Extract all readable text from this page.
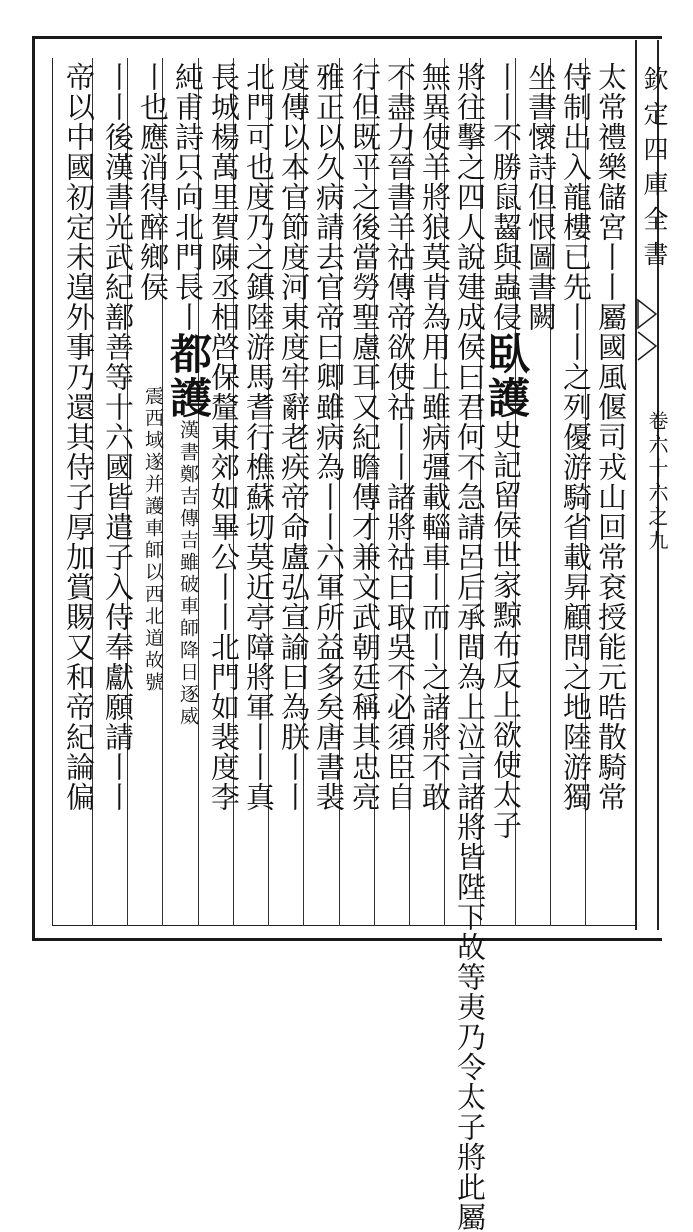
欽定四庫全書
卷六十六之九
太常禮樂儲宮丨丨屬國風偃司戎山回常袞授能元晧散騎常
侍制出入龍樓已先丨丨之列優游騎省載昇顧問之地陸游獨
坐書懷詩但恨圖書闕
丨丨不勝鼠齧與蟲侵臥護史記留侯世家黥布反上欲使太子
將往擊之四人說建成侯曰君何不急請呂后承間為上泣言諸將皆陛下故等夷乃令太子將此屬
無異使羊將狼莫肯為用上雖病彊載輜車丨而丨之諸將不敢
不盡力晉書羊祜傳帝欲使祜丨丨諸將祜曰取吳不必須臣自
行但既平之後當勞聖慮耳又紀瞻傳才兼文武朝廷稱其忠亮
雅正以久病請去官帝曰卿雖病為丨丨六軍所益多矣唐書裴
度傳以本官節度河東度牢辭老疾帝命盧弘宣諭曰為朕丨丨
北門可也度乃之鎮陸游馬耆行樵蘇切莫近亭障將軍丨丨真
長城楊萬里賀陳丞相啓保釐東郊如畢公丨丨北門如裴度李
純甫詩只向北門長丨都護漢書鄭吉傳吉雖破車師降日逐威
丨也應消得醉鄉侯震西域遂并護車師以西北道故號
丨丨後漢書光武紀鄯善等十六國皆遣子入侍奉獻願請丨丨
帝以中國初定未遑外事乃還其侍子厚加賞賜又和帝紀論偏
